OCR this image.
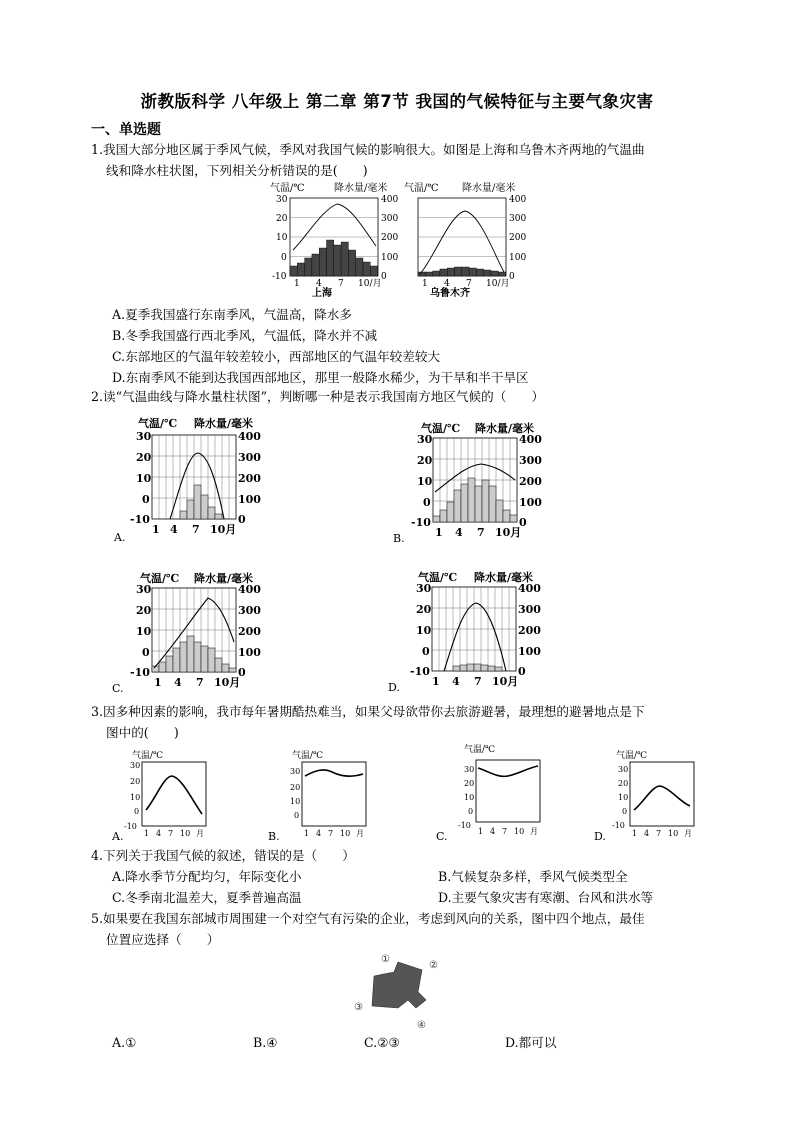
浙教版科学 八年级上 第二章 第7节 我国的气候特征与主要气象灾害
一、单选题
1.我国大部分地区属于季风气候，季风对我国气候的影响很大。如图是上海和乌鲁木齐两地的气温曲
线和降水柱状图，下列相关分析错误的是(　　)
气温/℃	降水量/毫米
30
20
10
0
-10
400
300
200
100
0
1 4 7 10/月
上海
气温/℃ 降水量/毫米
400
300
200
100
0
1 4 7 10/月
乌鲁木齐
A.夏季我国盛行东南季风，气温高，降水多
B.冬季我国盛行西北季风，气温低，降水并不减
C.东部地区的气温年较差较小，西部地区的气温年较差较大
D.东南季风不能到达我国西部地区，那里一般降水稀少，为干旱和半干旱区
2.读“气温曲线与降水量柱状图”，判断哪一种是表示我国南方地区气候的（　　）
气温/℃ 降水量/毫米
30
20
10
0
-10
400
300
200
100
0
1 4 7 10月
A.
气温/℃ 降水量/毫米
30
20
10
0
-10
400
300
200
100
0
1 4 7 10月
B.
气温/℃ 降水量/毫米
30
20
10
0
-10
400
300
200
100
0
1 4 7 10月
C.
气温/℃ 降水量/毫米
30
20
10
0
-10
400
300
200
100
0
1 4 7 10月
D.
3.因多种因素的影响，我市每年暑期酷热难当，如果父母欲带你去旅游避暑，最理想的避暑地点是下
图中的(　　)
气温/℃
30
20
10
0
-10
1 4 7 10 月
A.
气温/℃
30
20
10
0
1 4 7 10 月
B.
气温/℃
30
20
10
0
-10
1 4 7 10 月
C.
气温/℃
30
20
10
0
-10
1 4 7 10 月
D.
4.下列关于我国气候的叙述，错误的是（　　）
A.降水季节分配均匀，年际变化小	B.气候复杂多样，季风气候类型全
C.冬季南北温差大，夏季普遍高温	D.主要气象灾害有寒潮、台风和洪水等
5.如果要在我国东部城市周围建一个对空气有污染的企业，考虑到风向的关系，图中四个地点，最佳
位置应选择（　　）
①
②
③
④
A.①	B.④	C.②③	D.都可以
